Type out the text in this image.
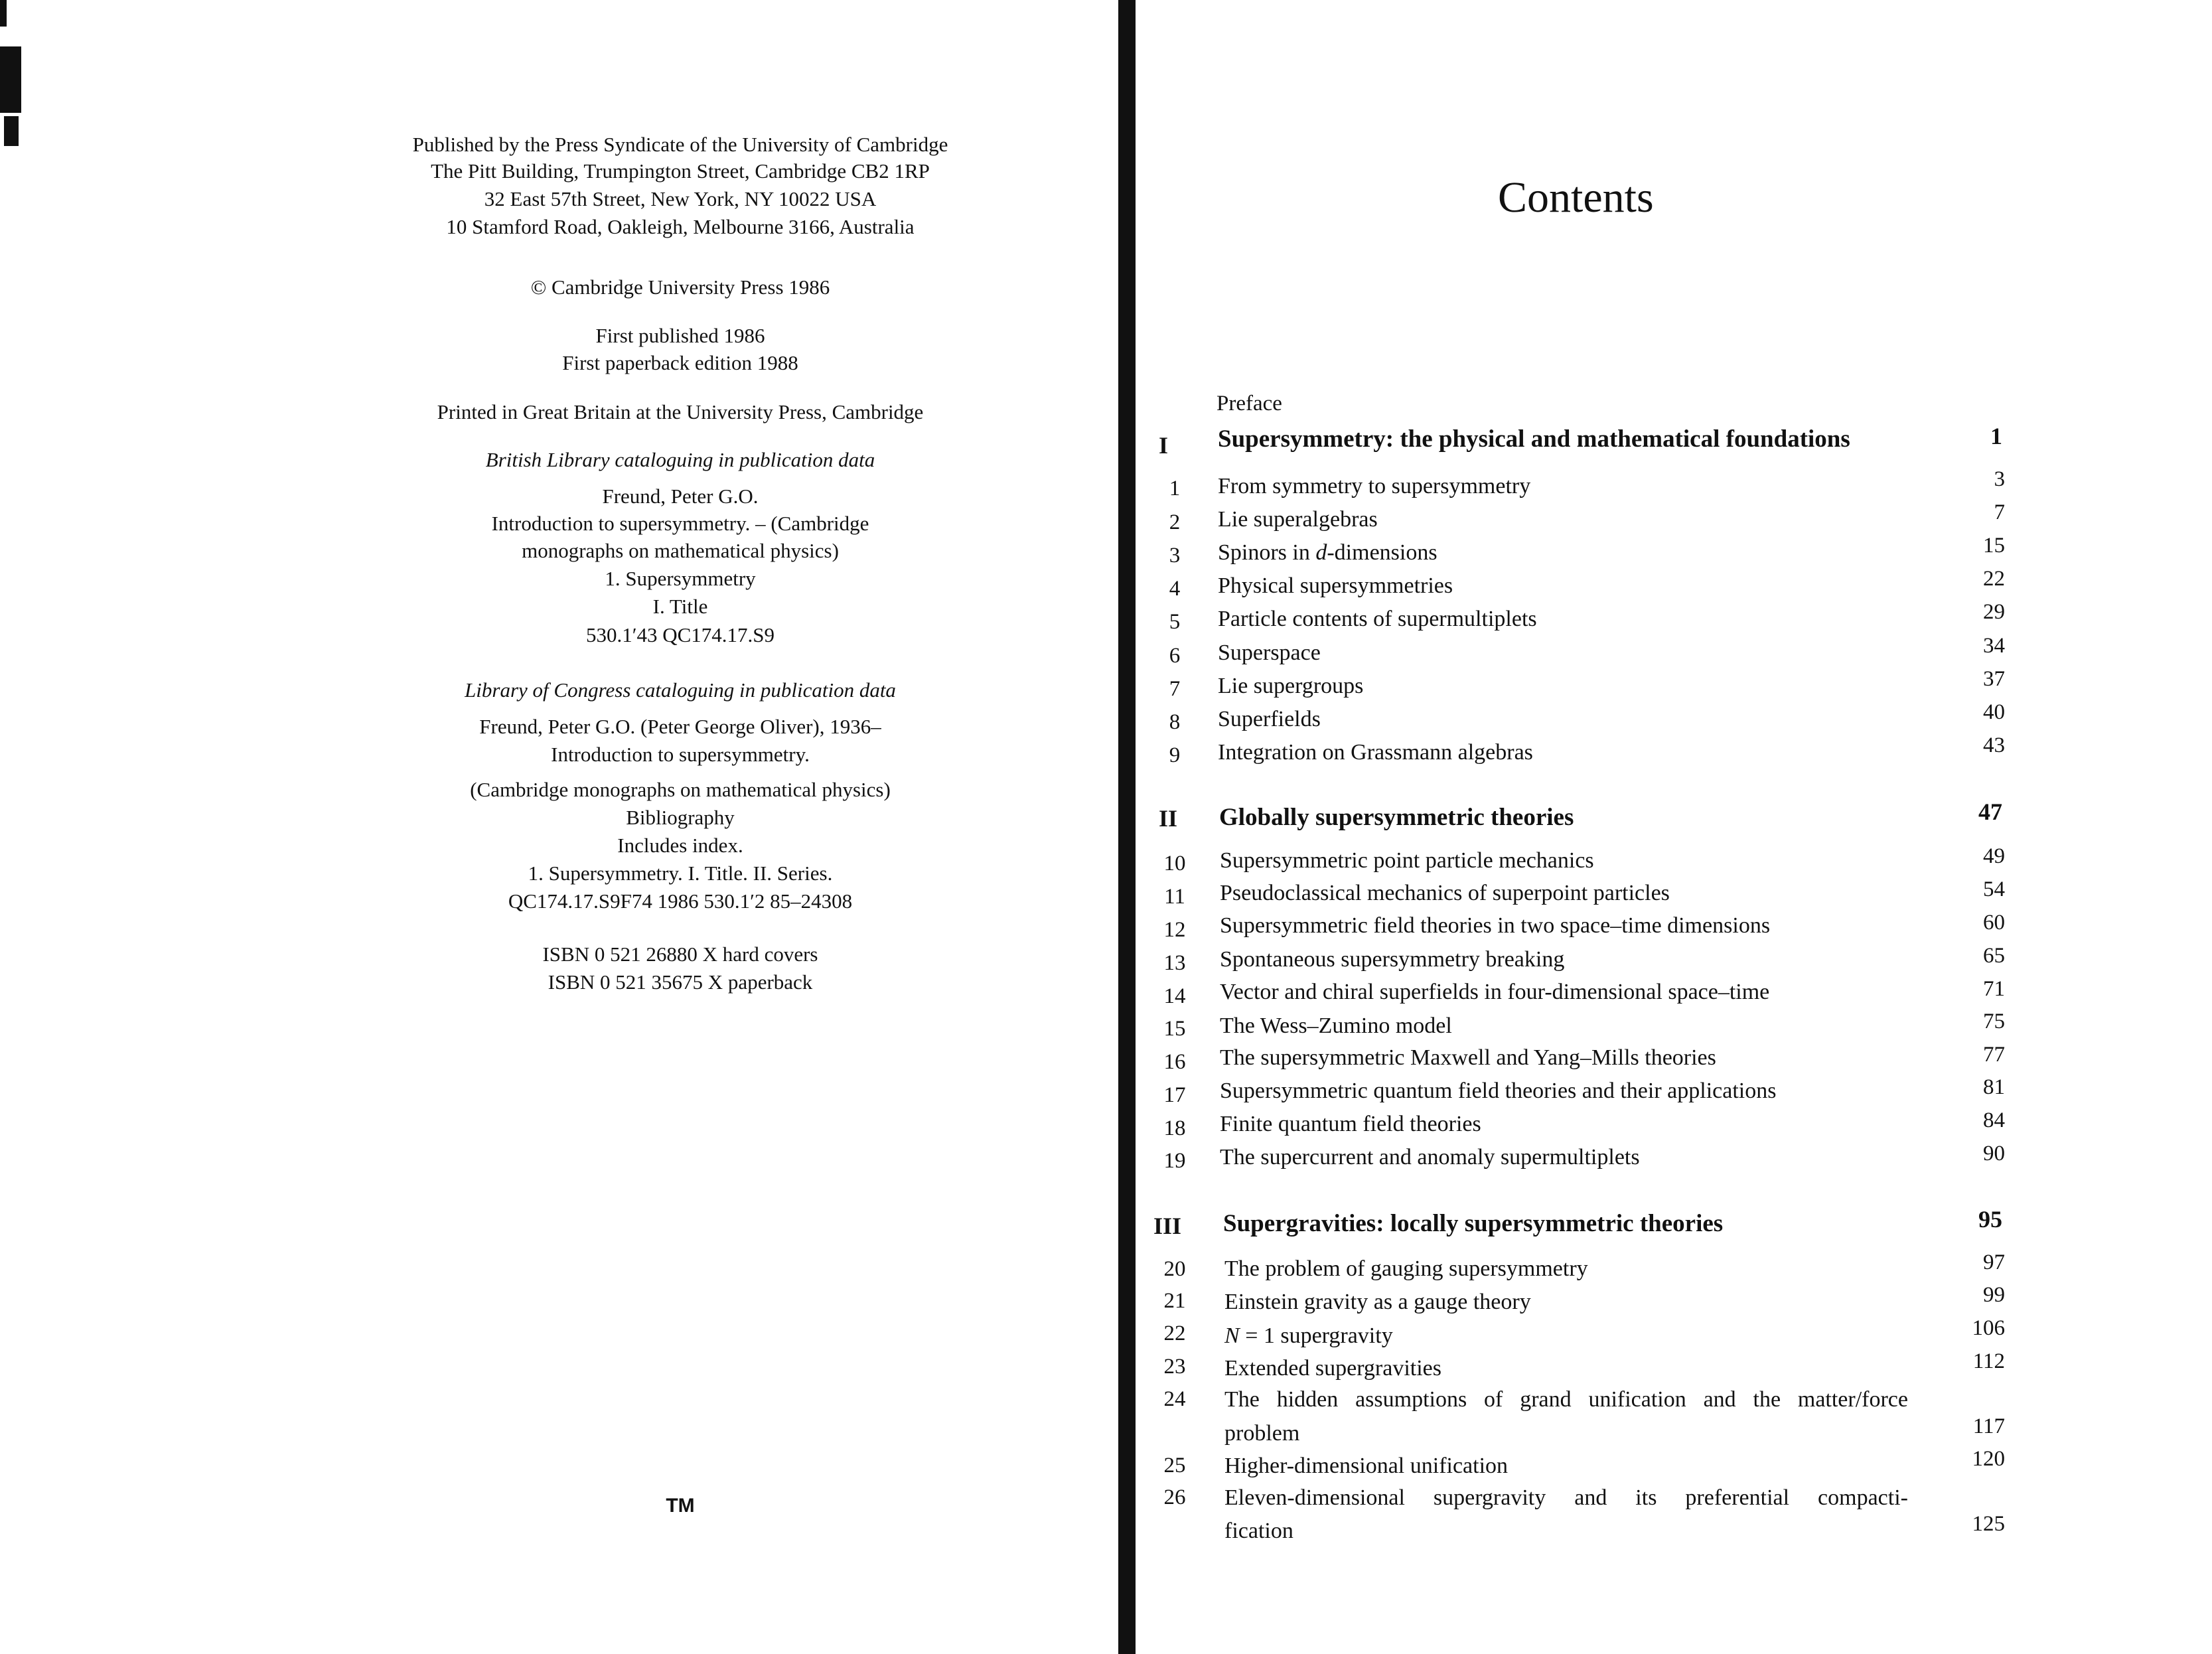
Published by the Press Syndicate of the University of Cambridge
The Pitt Building, Trumpington Street, Cambridge CB2 1RP
32 East 57th Street, New York, NY 10022 USA
10 Stamford Road, Oakleigh, Melbourne 3166, Australia
© Cambridge University Press 1986
First published 1986
First paperback edition 1988
Printed in Great Britain at the University Press, Cambridge
British Library cataloguing in publication data
Freund, Peter G.O.
Introduction to supersymmetry. – (Cambridge
monographs on mathematical physics)
1. Supersymmetry
I. Title
530.1′43 QC174.17.S9
Library of Congress cataloguing in publication data
Freund, Peter G.O. (Peter George Oliver), 1936–
Introduction to supersymmetry.
(Cambridge monographs on mathematical physics)
Bibliography
Includes index.
1. Supersymmetry. I. Title. II. Series.
QC174.17.S9F74 1986 530.1′2 85–24308
ISBN 0 521 26880 X hard covers
ISBN 0 521 35675 X paperback
TM
Contents
Preface
I Supersymmetry: the physical and mathematical foundations	1
1	From symmetry to supersymmetry	3
2	Lie superalgebras	7
3	Spinors in d-dimensions	15
4	Physical supersymmetries	22
5	Particle contents of supermultiplets	29
6	Superspace	34
7	Lie supergroups	37
8	Superfields	40
9	Integration on Grassmann algebras	43
II Globally supersymmetric theories	47
10	Supersymmetric point particle mechanics	49
11	Pseudoclassical mechanics of superpoint particles	54
12	Supersymmetric field theories in two space–time dimensions	60
13	Spontaneous supersymmetry breaking	65
14	Vector and chiral superfields in four-dimensional space–time	71
15	The Wess–Zumino model	75
16	The supersymmetric Maxwell and Yang–Mills theories	77
17	Supersymmetric quantum field theories and their applications	81
18	Finite quantum field theories	84
19	The supercurrent and anomaly supermultiplets	90
III Supergravities: locally supersymmetric theories	95
20	The problem of gauging supersymmetry	97
21	Einstein gravity as a gauge theory	99
22	N = 1 supergravity	106
23	Extended supergravities	112
24	The hidden assumptions of grand unification and the matter/force
problem	117
25	Higher-dimensional unification	120
26	Eleven-dimensional supergravity and its preferential compacti-
fication	125
